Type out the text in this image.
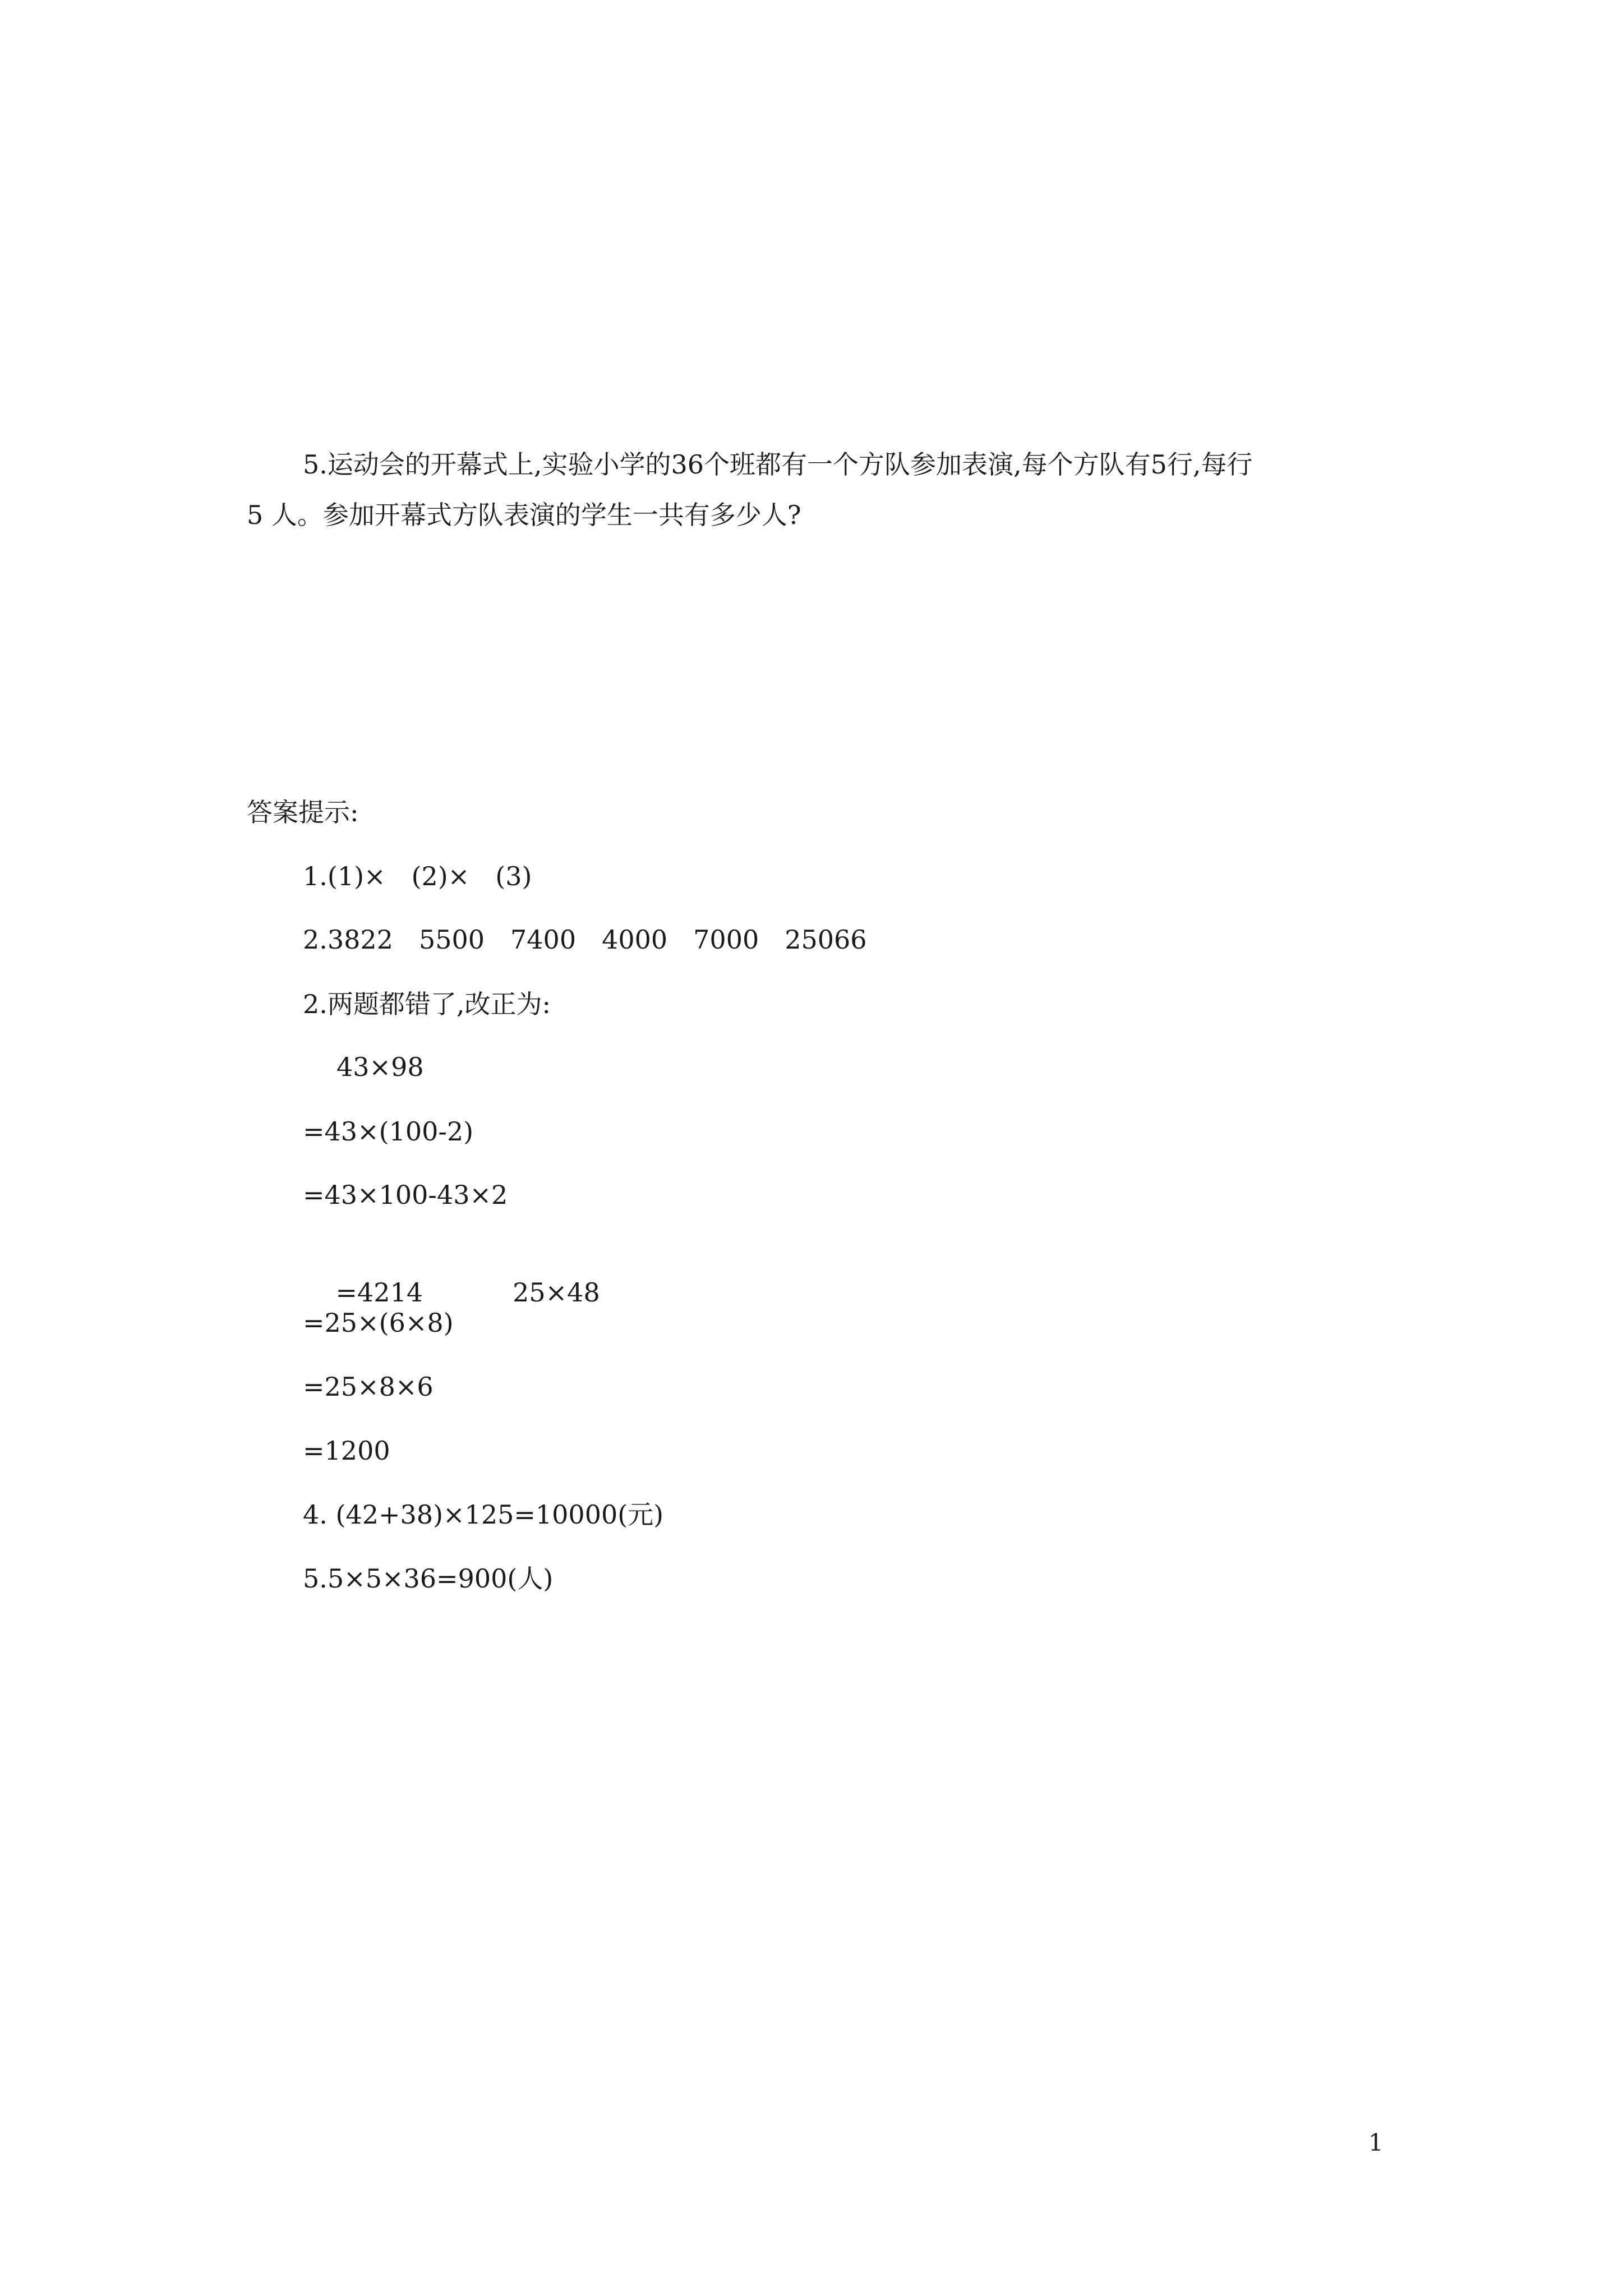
5.运动会的开幕式上,实验小学的36个班都有一个方队参加表演,每个方队有5行,每行
5 人。参加开幕式方队表演的学生一共有多少人?
答案提示:
1.(1)×　(2)×　(3)
2.3822　5500　7400　4000　7000　25066
2.两题都错了,改正为:
43×98
=43×(100-2)
=43×100-43×2

=4214	25×48

=25×(6×8)
=25×8×6
=1200
4. (42+38)×125=10000(元)
5.5×5×36=900(人)
1
